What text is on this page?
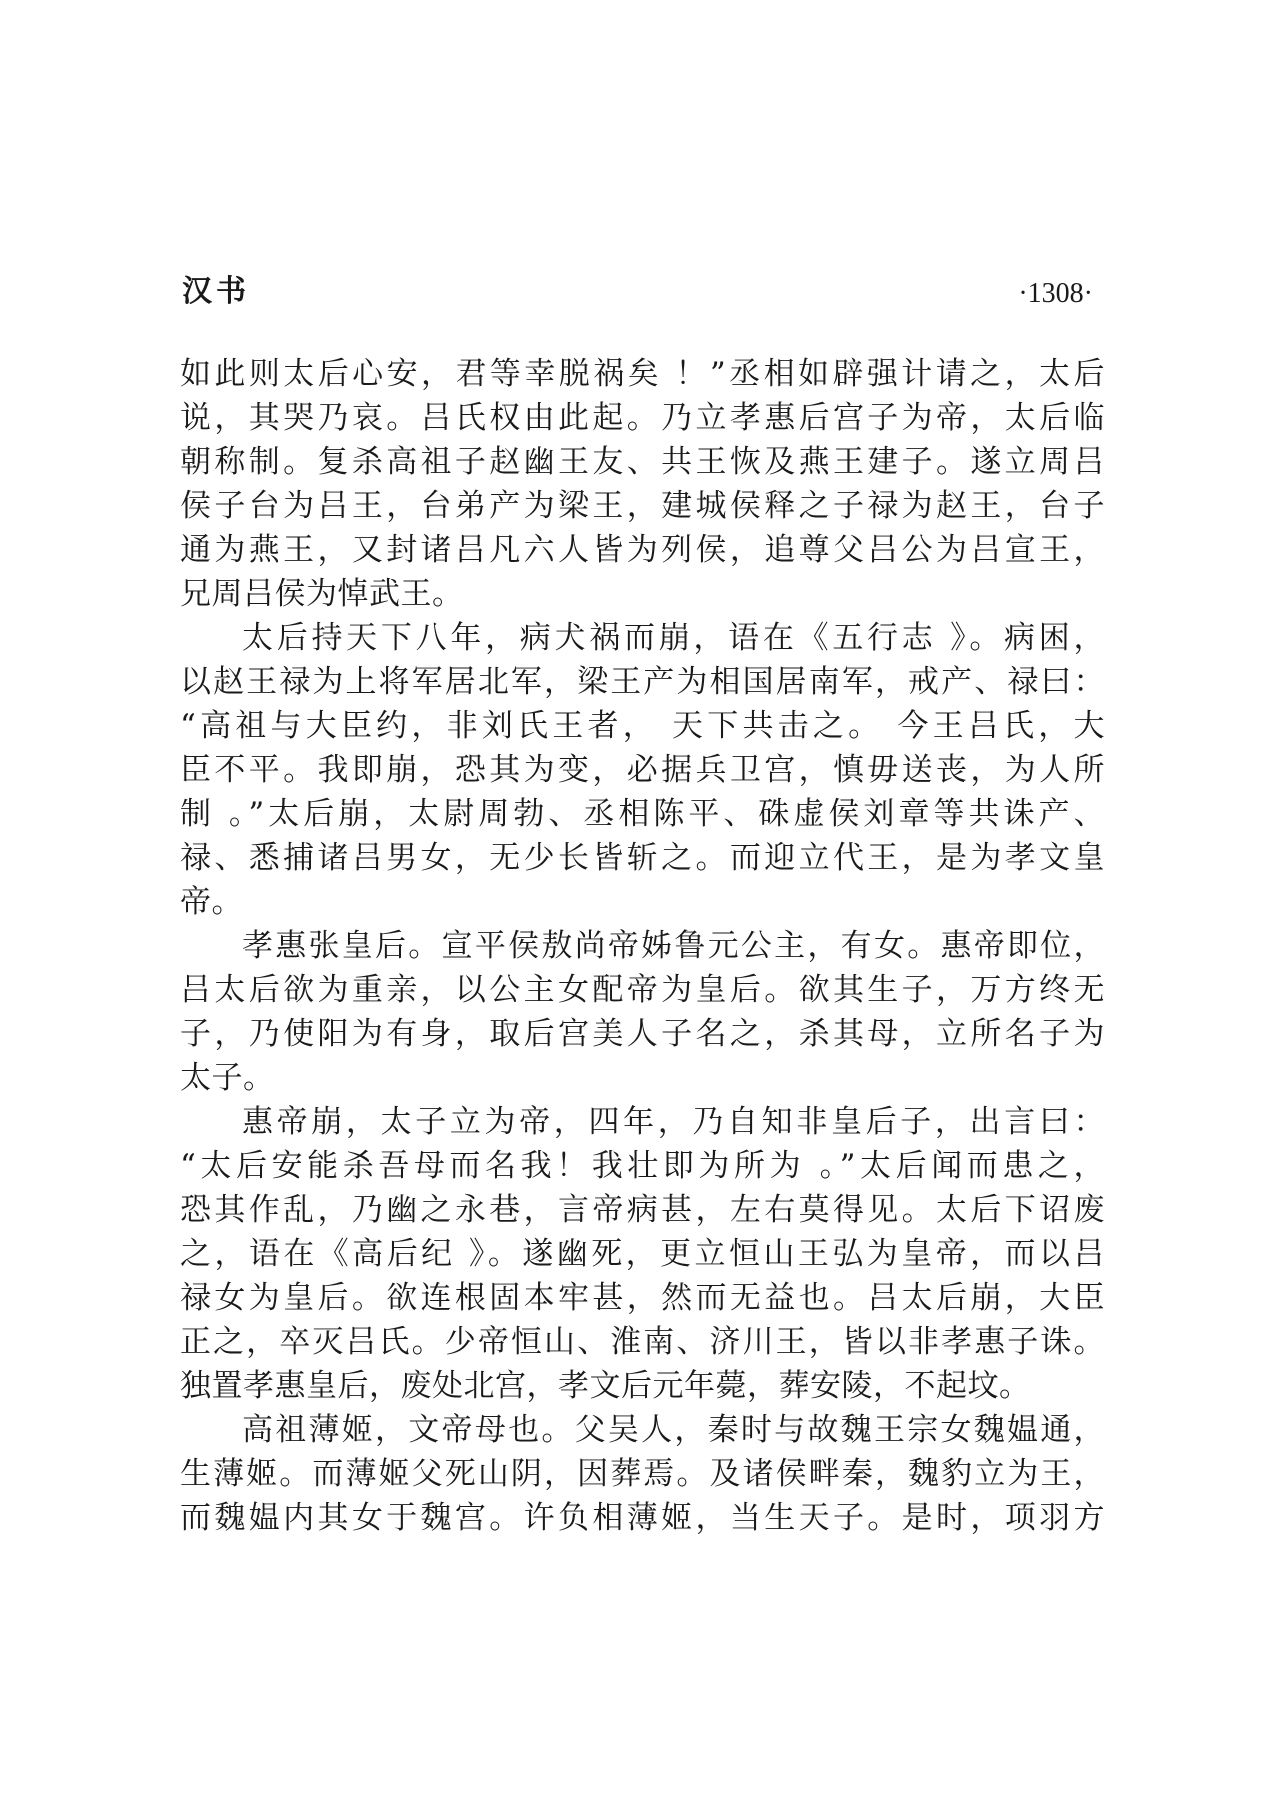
汉书	·1308·
如此则太后心安，君等幸脱祸矣 ！”丞相如辟强计请之，太后
说，其哭乃哀。吕氏权由此起。乃立孝惠后宫子为帝，太后临
朝称制。复杀高祖子赵幽王友、共王恢及燕王建子。遂立周吕
侯子台为吕王，台弟产为梁王，建城侯释之子禄为赵王，台子
通为燕王，又封诸吕凡六人皆为列侯，追尊父吕公为吕宣王，
兄周吕侯为悼武王。
太后持天下八年，病犬祸而崩，语在《五行志 》。病困，
以赵王禄为上将军居北军，梁王产为相国居南军，戒产、禄曰：
“高祖与大臣约，非刘氏王者， 天下共击之。 今王吕氏，大
臣不平。我即崩，恐其为变，必据兵卫宫，慎毋送丧，为人所
制 。”太后崩，太尉周勃、丞相陈平、硃虚侯刘章等共诛产、
禄、悉捕诸吕男女，无少长皆斩之。而迎立代王，是为孝文皇
帝。
孝惠张皇后。宣平侯敖尚帝姊鲁元公主，有女。惠帝即位，
吕太后欲为重亲，以公主女配帝为皇后。欲其生子，万方终无
子，乃使阳为有身，取后宫美人子名之，杀其母，立所名子为
太子。
惠帝崩，太子立为帝，四年，乃自知非皇后子，出言曰：
“太后安能杀吾母而名我！我壮即为所为 。”太后闻而患之，
恐其作乱，乃幽之永巷，言帝病甚，左右莫得见。太后下诏废
之，语在《高后纪 》。遂幽死，更立恒山王弘为皇帝，而以吕
禄女为皇后。欲连根固本牢甚，然而无益也。吕太后崩，大臣
正之，卒灭吕氏。少帝恒山、淮南、济川王，皆以非孝惠子诛。
独置孝惠皇后，废处北宫，孝文后元年薨，葬安陵，不起坟。
高祖薄姬，文帝母也。父吴人，秦时与故魏王宗女魏媪通，
生薄姬。而薄姬父死山阴，因葬焉。及诸侯畔秦，魏豹立为王，
而魏媪内其女于魏宫。许负相薄姬，当生天子。是时，项羽方
